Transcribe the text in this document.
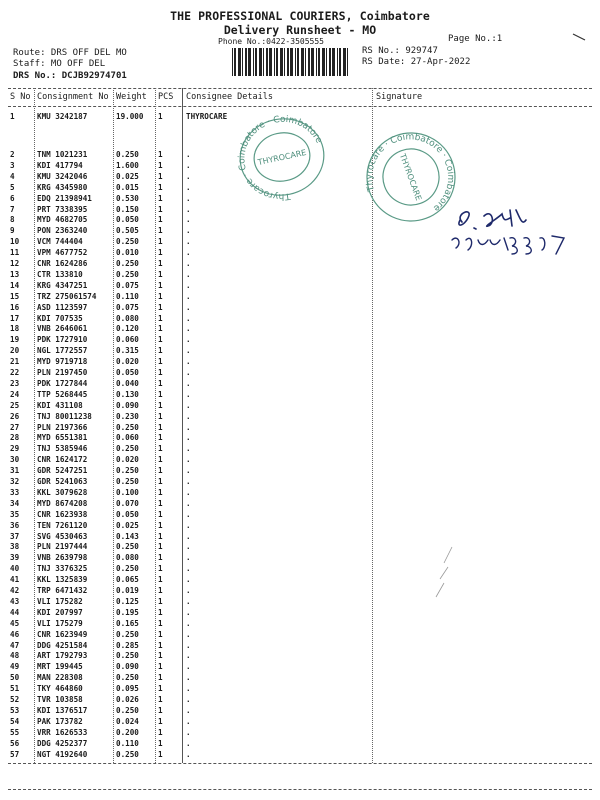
THE PROFESSIONAL COURIERS, Coimbatore
Delivery Runsheet - MO
Phone No.:0422-3505555	Page No.:1
Route: DRS OFF DEL MO
Staff: MO OFF DEL
DRS No.: DCJB92974701
RS No.: 929747
RS Date: 27-Apr-2022
S No Consignment No Weight PCS Consignee Details	Signature
1	KMU 3242187	19.000 1	THYROCARE
2	TNM 1021231	0.250	1	.
3	KDI 417794	1.600	1	.
4	KMU 3242046	0.025	1	.
5	KRG 4345980	0.015	1	.
6	EDQ 21398941	0.530	1	.
7	PRT 7338395	0.150	1	.
8	MYD 4682705	0.050	1	.
9	PON 2363240	0.505	1	.
10 VCM 744404	0.250	1	.
11 VPM 4677752	0.010	1	.
12 CNR 1624286	0.250	1	.
13 CTR 133810	0.250	1	.
14 KRG 4347251	0.075	1	.
15 TRZ 275061574	0.110	1	.
16 ASD 1123597	0.075	1	.
17 KDI 707535	0.080	1	.
18 VNB 2646061	0.120	1	.
19 PDK 1727910	0.060	1	.
20 NGL 1772557	0.315	1	.
21 MYD 9719718	0.020	1	.
22 PLN 2197450	0.050	1	.
23 PDK 1727844	0.040	1	.
24 TTP 5268445	0.130	1	.
25 KDI 431108	0.090	1	.
26 TNJ 80011238	0.230	1	.
27 PLN 2197366	0.250	1	.
28 MYD 6551381	0.060	1	.
29 TNJ 5385946	0.250	1	.
30 CNR 1624172	0.020	1	.
31 GDR 5247251	0.250	1	.
32 GDR 5241063	0.250	1	.
33 KKL 3079628	0.100	1	.
34 MYD 8674208	0.070	1	.
35 CNR 1623938	0.050	1	.
36 TEN 7261120	0.025	1	.
37 SVG 4530463	0.143	1	.
38 PLN 2197444	0.250	1	.
39 VNB 2639798	0.080	1	.
40 TNJ 3376325	0.250	1	.
41 KKL 1325839	0.065	1	.
42 TRP 6471432	0.019	1	.
43 VLI 175282	0.125	1	.
44 KDI 207997	0.195	1	.
45 VLI 175279	0.165	1	.
46 CNR 1623949	0.250	1	.
47 DDG 4251584	0.285	1	.
48 ART 1792793	0.250	1	.
49 MRT 199445	0.090	1	.
50 MAN 228308	0.250	1	.
51 TKY 464860	0.095	1	.
52 TVR 103858	0.026	1	.
53 KDI 1376517	0.250	1	.
54 PAK 173782	0.024	1	.
55 VRR 1626533	0.200	1	.
56 DDG 4252377	0.110	1	.
57 NGT 4192640	0.250	1	.
Thyrocare · Coimbatore · Coimbatore
THYROCARE
Thyrocare · Coimbatore · Coimbatore
THYROCARE
